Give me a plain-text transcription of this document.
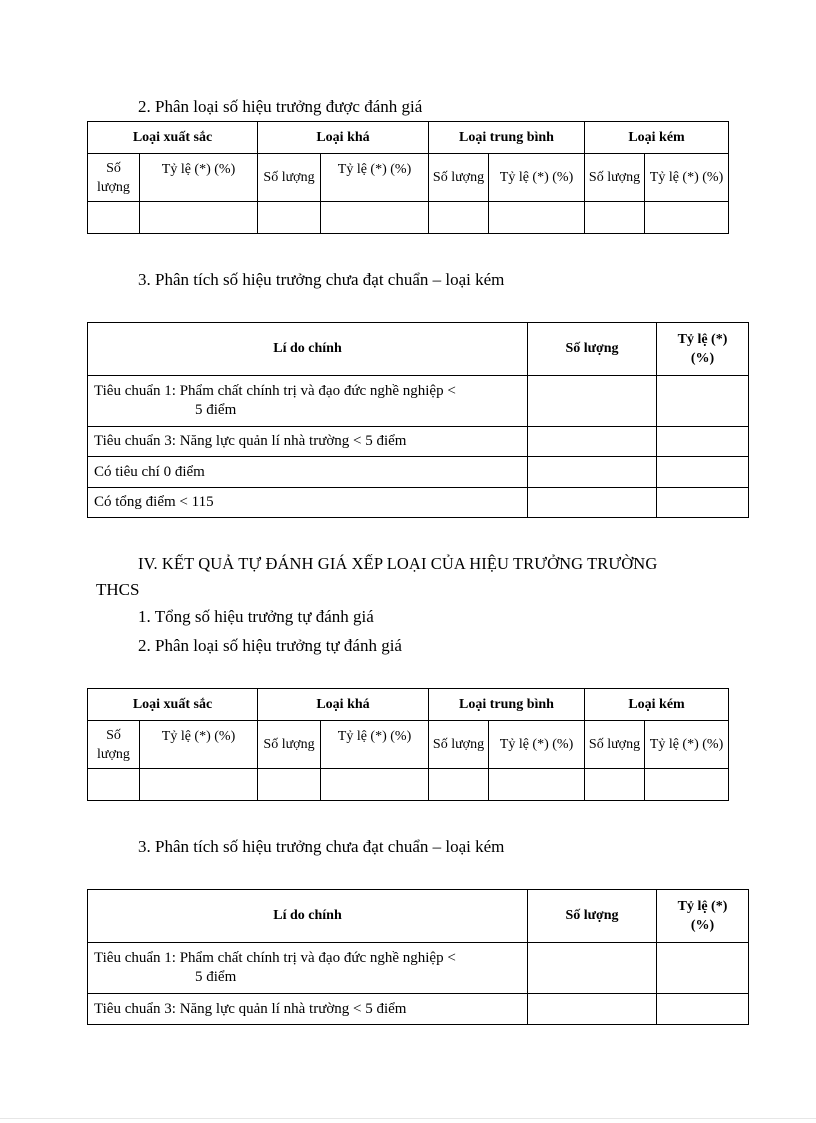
2. Phân loại số hiệu trưởng được đánh giá
Loại xuất sắc		Loại khá		Loại trung bình		Loại kém	
Số lượng	Tỷ lệ (*) (%)	Số lượng	Tỷ lệ (*) (%)	Số lượng	Tỷ lệ (*) (%)	Số lượng	Tỷ lệ (*) (%)

3. Phân tích số hiệu trưởng chưa đạt chuẩn – loại kém
Lí do chính	Số lượng	Tỷ lệ (*)
(%)
Tiêu chuẩn 1: Phẩm chất chính trị và đạo đức nghề nghiệp <
5 điểm		

Tiêu chuẩn 3: Năng lực quản lí nhà trường < 5 điểm		
Có tiêu chí 0 điểm		
Có tổng điểm < 115		
IV. KẾT QUẢ TỰ ĐÁNH GIÁ XẾP LOẠI CỦA HIỆU TRƯỞNG TRƯỜNG
THCS
1. Tổng số hiệu trưởng tự đánh giá
2. Phân loại số hiệu trưởng tự đánh giá
Loại xuất sắc		Loại khá		Loại trung bình		Loại kém	
Số lượng	Tỷ lệ (*) (%)	Số lượng	Tỷ lệ (*) (%)	Số lượng	Tỷ lệ (*) (%)	Số lượng	Tỷ lệ (*) (%)

3. Phân tích số hiệu trưởng chưa đạt chuẩn – loại kém
Lí do chính	Số lượng	Tỷ lệ (*)
(%)
Tiêu chuẩn 1: Phẩm chất chính trị và đạo đức nghề nghiệp <
5 điểm		

Tiêu chuẩn 3: Năng lực quản lí nhà trường < 5 điểm		
